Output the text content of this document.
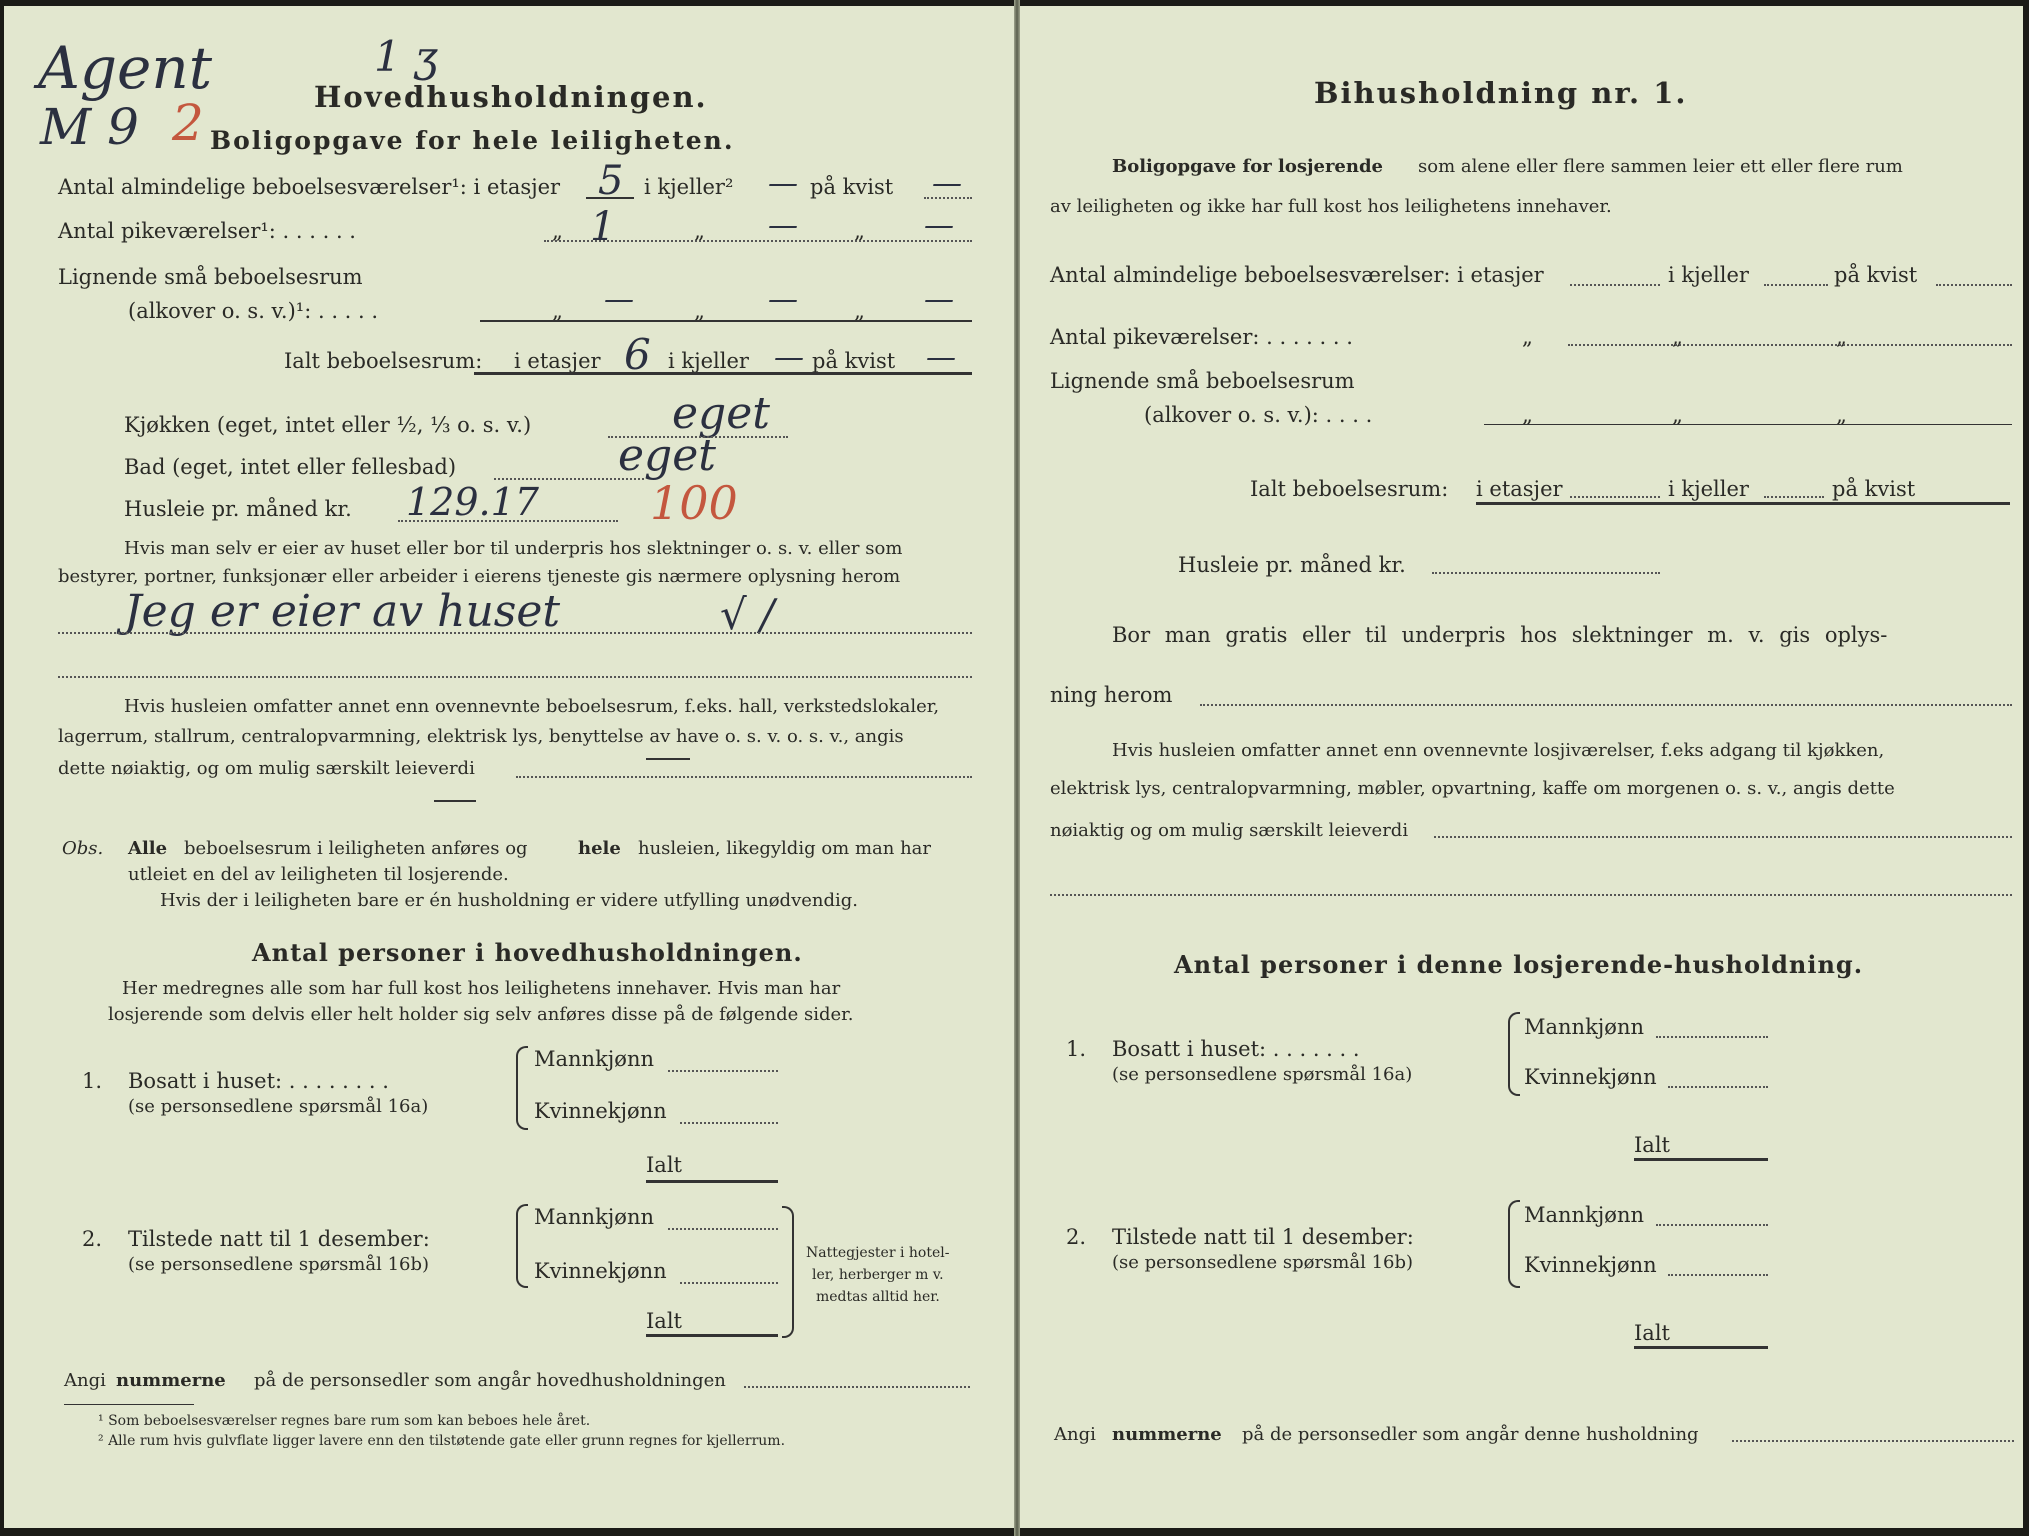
Agent
M 9 2
1 ʒ
Hovedhusholdningen.
Boligopgave for hele leiligheten.
Antal almindelige beboelsesværelser¹: i etasjer 5 i kjeller² — på kvist —
Antal pikeværelser¹: . . . . . .	„ 1	„ —	„ —
Lignende små beboelsesrum
(alkover o. s. v.)¹: . . . . .	„ —	„ —	„ —
Ialt beboelsesrum: i etasjer 6 i kjeller — på kvist —
Kjøkken (eget, intet eller ½, ⅓ o. s. v.)	eget
Bad (eget, intet eller fellesbad)	eget
Husleie pr. måned kr. 129.17 100
Hvis man selv er eier av huset eller bor til underpris hos slektninger o. s. v. eller som
bestyrer, portner, funksjonær eller arbeider i eierens tjeneste gis nærmere oplysning herom
Jeg er eier av huset	√ /
Hvis husleien omfatter annet enn ovennevnte beboelsesrum, f.eks. hall, verkstedslokaler,
lagerrum, stallrum, centralopvarmning, elektrisk lys, benyttelse av have o. s. v. o. s. v., angis
dette nøiaktig, og om mulig særskilt leieverdi
Obs. Alle beboelsesrum i leiligheten anføres og	hele husleien, likegyldig om man har
utleiet en del av leiligheten til losjerende.
Hvis der i leiligheten bare er én husholdning er videre utfylling unødvendig.
Antal personer i hovedhusholdningen.
Her medregnes alle som har full kost hos leilighetens innehaver. Hvis man har
losjerende som delvis eller helt holder sig selv anføres disse på de følgende sider.
1. Bosatt i huset: . . . . . . . .
(se personsedlene spørsmål 16a)
Mannkjønn
Kvinnekjønn
Ialt
2. Tilstede natt til 1 desember:
(se personsedlene spørsmål 16b)
Mannkjønn
Kvinnekjønn
Ialt
Nattegjester i hotel-
ler, herberger m v.
medtas alltid her.
Angi nummerne på de personsedler som angår hovedhusholdningen
¹ Som beboelsesværelser regnes bare rum som kan beboes hele året.
² Alle rum hvis gulvflate ligger lavere enn den tilstøtende gate eller grunn regnes for kjellerrum.
Bihusholdning nr. 1.
Boligopgave for losjerende som alene eller flere sammen leier ett eller flere rum
av leiligheten og ikke har full kost hos leilighetens innehaver.
Antal almindelige beboelsesværelser: i etasjer	i kjeller	på kvist
Antal pikeværelser: . . . . . . .	„	„	„
Lignende små beboelsesrum
(alkover o. s. v.): . . . .	„	„	„
Ialt beboelsesrum: i etasjer	i kjeller	på kvist
Husleie pr. måned kr.
Bor man gratis eller til underpris hos slektninger m. v. gis oplys-
ning herom
Hvis husleien omfatter annet enn ovennevnte losjiværelser, f.eks adgang til kjøkken,
elektrisk lys, centralopvarmning, møbler, opvartning, kaffe om morgenen o. s. v., angis dette
nøiaktig og om mulig særskilt leieverdi
Antal personer i denne losjerende-husholdning.
1. Bosatt i huset: . . . . . . .
(se personsedlene spørsmål 16a)
Mannkjønn
Kvinnekjønn
Ialt
2. Tilstede natt til 1 desember:
(se personsedlene spørsmål 16b)
Mannkjønn
Kvinnekjønn
Ialt
Angi nummerne på de personsedler som angår denne husholdning
